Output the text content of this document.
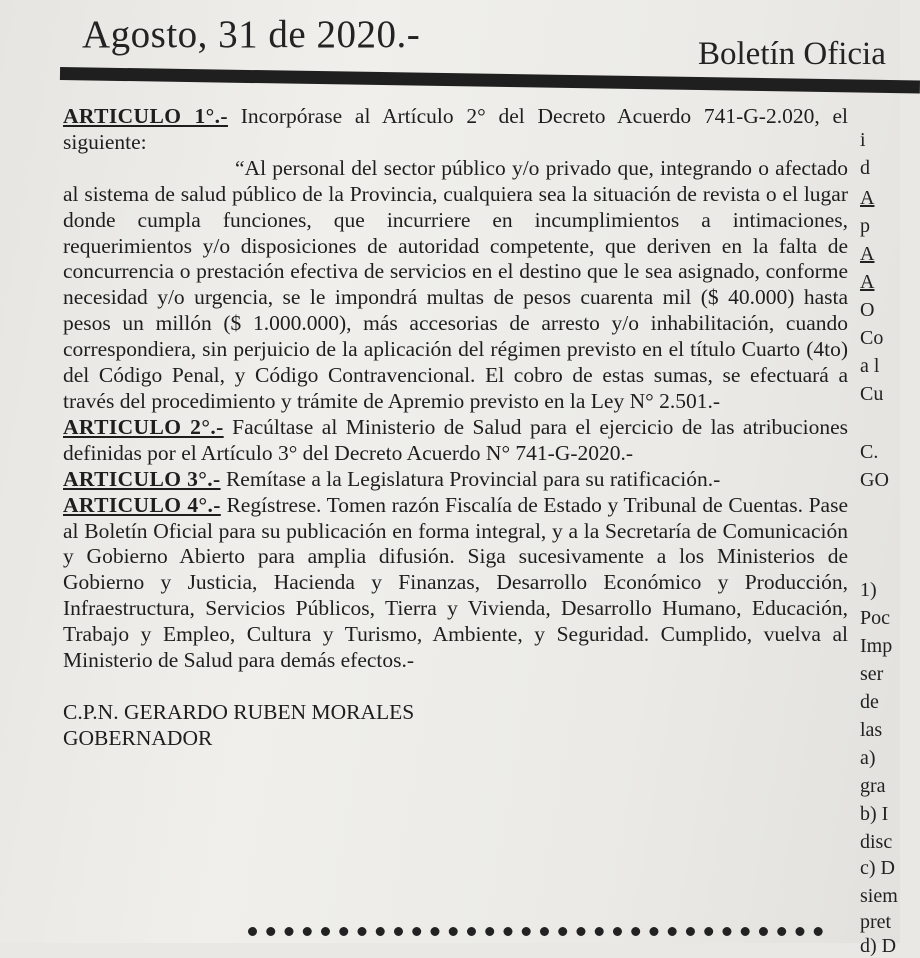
Agosto, 31 de 2020.-	Boletín Oficia

ARTICULO 1°.- Incorpórase al Artículo 2° del Decreto Acuerdo 741-G-2.020, el siguiente:

“Al personal del sector público y/o privado que, integrando o afectado al sistema de salud público de la Provincia, cualquiera sea la situación de revista o el lugar donde cumpla funciones, que incurriere en incumplimientos a intimaciones, requerimientos y/o disposiciones de autoridad competente, que deriven en la falta de concurrencia o prestación efectiva de servicios en el destino que le sea asignado, conforme necesidad y/o urgencia, se le impondrá multas de pesos cuarenta mil ($ 40.000) hasta pesos un millón ($ 1.000.000), más accesorias de arresto y/o inhabilitación, cuando correspondiera, sin perjuicio de la aplicación del régimen previsto en el título Cuarto (4to) del Código Penal, y Código Contravencional. El cobro de estas sumas, se efectuará a través del procedimiento y trámite de Apremio previsto en la Ley N° 2.501.-

ARTICULO 2°.- Facúltase al Ministerio de Salud para el ejercicio de las atribuciones definidas por el Artículo 3° del Decreto Acuerdo N° 741-G-2020.-

ARTICULO 3°.- Remítase a la Legislatura Provincial para su ratificación.-

ARTICULO 4°.- Regístrese. Tomen razón Fiscalía de Estado y Tribunal de Cuentas. Pase al Boletín Oficial para su publicación en forma integral, y a la Secretaría de Comunicación y Gobierno Abierto para amplia difusión. Siga sucesivamente a los Ministerios de Gobierno y Justicia, Hacienda y Finanzas, Desarrollo Económico y Producción, Infraestructura, Servicios Públicos, Tierra y Vivienda, Desarrollo Humano, Educación, Trabajo y Empleo, Cultura y Turismo, Ambiente, y Seguridad. Cumplido, vuelva al Ministerio de Salud para demás efectos.-

C.P.N. GERARDO RUBEN MORALES
GOBERNADOR
i
d
A
p
A
A
O
Co
a l
Cu
C.
GO
1)
Poc
Imp
ser
de
las
a)
gra
b) I
disc
c) D
siem
pret
d) D
